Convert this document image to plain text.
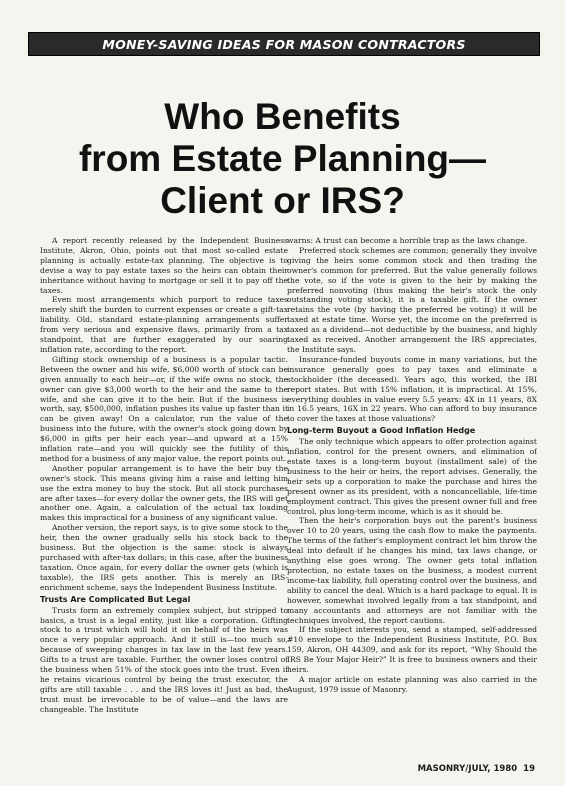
MONEY-SAVING IDEAS FOR MASON CONTRACTORS
Who Benefits
from Estate Planning—
Client or IRS?

A report recently released by the Independent Business Institute, Akron, Ohio, points out that most so-called estate planning is actually estate-tax planning. The objective is to devise a way to pay estate taxes so the heirs can obtain their inheritance without having to mortgage or sell it to pay off the taxes.

Even most arrangements which purport to reduce taxes merely shift the burden to current expenses or create a gift-tax liability. Old, standard estate-planning arrangements suffer from very serious and expensive flaws, primarily from a tax standpoint, that are further exaggerated by our soaring inflation rate, according to the report.

Gifting stock ownership of a business is a popular tactic. Between the owner and his wife, $6,000 worth of stock can be given annually to each heir—or, if the wife owns no stock, the owner can give $3,000 worth to the heir and the same to the wife, and she can give it to the heir. But if the business is worth, say, $500,000, inflation pushes its value up faster than it can be given away! On a calculator, run the value of the business into the future, with the owner's stock going down by $6,000 in gifts per heir each year—and upward at a 15% inflation rate—and you will quickly see the futility of this method for a business of any major value, the report points out.

Another popular arrangement is to have the heir buy the owner's stock. This means giving him a raise and letting him use the extra money to buy the stock. But all stock purchases are after taxes—for every dollar the owner gets, the IRS will get another one. Again, a calculation of the actual tax loading makes this impractical for a business of any significant value.

Another version, the report says, is to give some stock to the heir, then the owner gradually sells his stock back to the business. But the objection is the same: stock is always purchased with after-tax dollars; in this case, after the business taxation. Once again, for every dollar the owner gets (which is taxable), the IRS gets another. This is merely an IRS-enrichment scheme, says the Independent Business Institute.

Trusts Are Complicated But Legal

Trusts form an extremely complex subject, but stripped to basics, a trust is a legal entity, just like a corporation. Gifting stock to a trust which will hold it on behalf of the heirs was once a very popular approach. And it still is—too much so, because of sweeping changes in tax law in the last few years. Gifts to a trust are taxable. Further, the owner loses control of the business when 51% of the stock goes into the trust. Even if he retains vicarious control by being the trust executor, the gifts are still taxable . . . and the IRS loves it! Just as bad, the trust must be irrevocable to be of value—and the laws are changeable. The Institute

warns: A trust can become a horrible trap as the laws change.

Preferred stock schemes are common; generally they involve giving the heirs some common stock and then trading the owner's common for preferred. But the value generally follows the vote, so if the vote is given to the heir by making the preferred nonvoting (thus making the heir's stock the only outstanding voting stock), it is a taxable gift. If the owner retains the vote (by having the preferred be voting) it will be taxed at estate time. Worse yet, the income on the preferred is taxed as a dividend—not deductible by the business, and highly taxed as received. Another arrangement the IRS appreciates, the Institute says.

Insurance-funded buyouts come in many variations, but the insurance generally goes to pay taxes and eliminate a stockholder (the deceased). Years ago, this worked, the IBI report states. But with 15% inflation, it is impractical. At 15%, everything doubles in value every 5.5 years: 4X in 11 years, 8X in 16.5 years, 16X in 22 years. Who can afford to buy insurance to cover the taxes at those valuations?

Long-term Buyout a Good Inflation Hedge

The only technique which appears to offer protection against inflation, control for the present owners, and elimination of estate taxes is a long-term buyout (installment sale) of the business to the heir or heirs, the report advises. Generally, the heir sets up a corporation to make the purchase and hires the present owner as its president, with a noncancellable, life-time employment contract. This gives the present owner full and free control, plus long-term income, which is as it should be.

Then the heir's corporation buys out the parent's business over 10 to 20 years, using the cash flow to make the payments. The terms of the father's employment contract let him throw the deal into default if he changes his mind, tax laws change, or anything else goes wrong. The owner gets total inflation protection, no estate taxes on the business, a modest current income-tax liability, full operating control over the business, and ability to cancel the deal. Which is a hard package to equal. It is however, somewhat involved legally from a tax standpoint, and many accountants and attorneys are not familiar with the techniques involved, the report cautions.

If the subject interests you, send a stamped, self-addressed #10 envelope to the Independent Business Institute, P.O. Box 159, Akron, OH 44309, and ask for its report, “Why Should the IRS Be Your Major Heir?” It is free to business owners and their heirs.

A major article on estate planning was also carried in the August, 1979 issue of Masonry.

MASONRY/JULY, 1980 19
